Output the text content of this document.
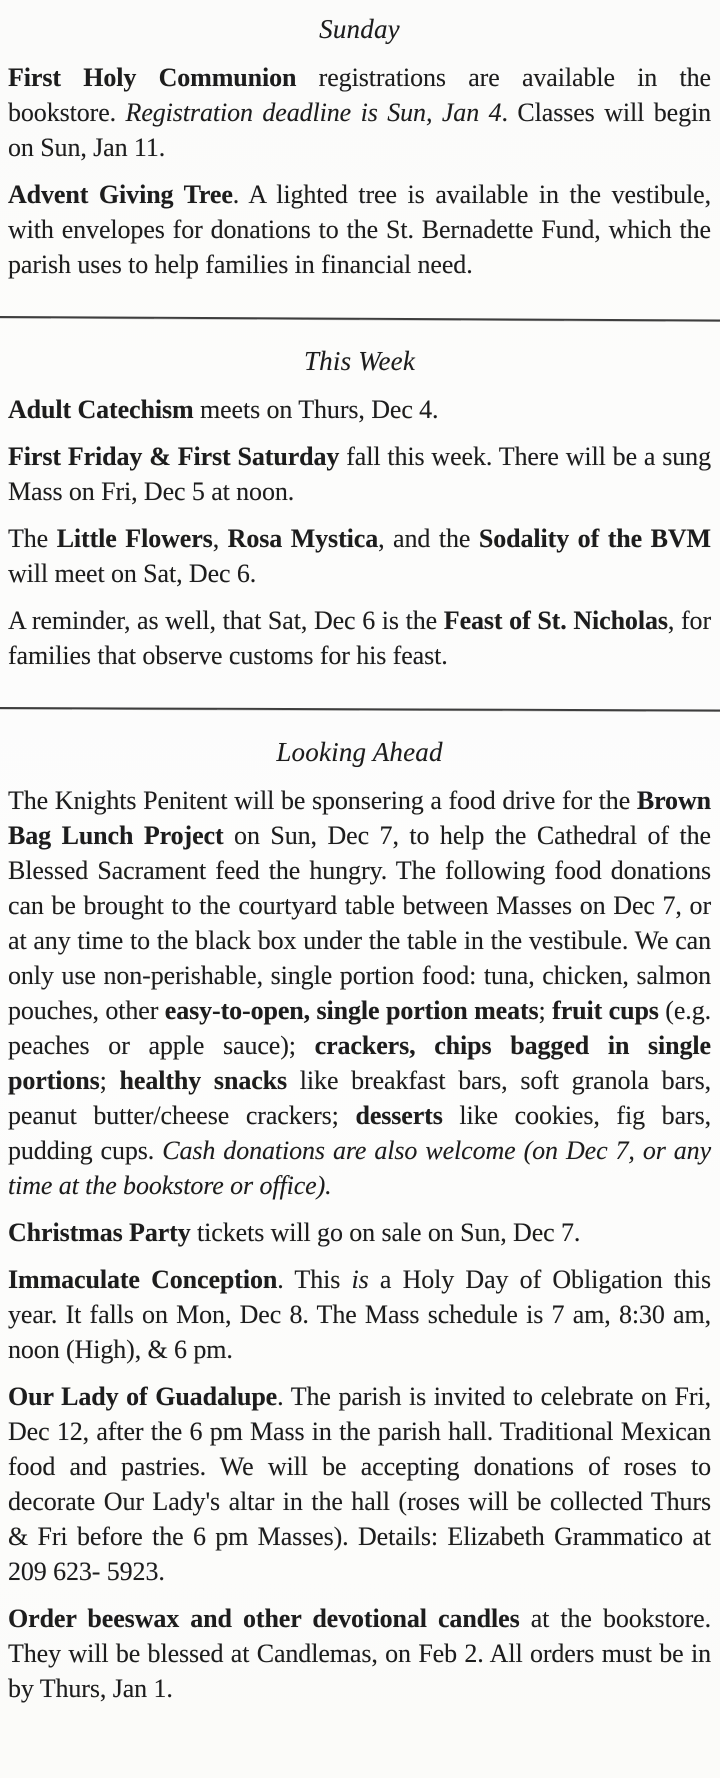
Sunday

First Holy Communion registrations are available in the bookstore. Registration deadline is Sun, Jan 4. Classes will begin on Sun, Jan 11.

Advent Giving Tree. A lighted tree is available in the vestibule, with envelopes for donations to the St. Bernadette Fund, which the parish uses to help families in financial need.

This Week

Adult Catechism meets on Thurs, Dec 4.

First Friday & First Saturday fall this week. There will be a sung Mass on Fri, Dec 5 at noon.

The Little Flowers, Rosa Mystica, and the Sodality of the BVM will meet on Sat, Dec 6.

A reminder, as well, that Sat, Dec 6 is the Feast of St. Nicholas, for families that observe customs for his feast.

Looking Ahead

The Knights Penitent will be sponsering a food drive for the Brown Bag Lunch Project on Sun, Dec 7, to help the Cathedral of the Blessed Sacrament feed the hungry. The following food donations can be brought to the courtyard table between Masses on Dec 7, or at any time to the black box under the table in the vestibule. We can only use non-perishable, single portion food: tuna, chicken, salmon pouches, other easy-to-open, single portion meats; fruit cups (e.g. peaches or apple sauce); crackers, chips bagged in single portions; healthy snacks like breakfast bars, soft granola bars, peanut butter/cheese crackers; desserts like cookies, fig bars, pudding cups. Cash donations are also welcome (on Dec 7, or any time at the bookstore or office).

Christmas Party tickets will go on sale on Sun, Dec 7.

Immaculate Conception. This is a Holy Day of Obligation this year. It falls on Mon, Dec 8. The Mass schedule is 7 am, 8:30 am, noon (High), & 6 pm.

Our Lady of Guadalupe. The parish is invited to celebrate on Fri, Dec 12, after the 6 pm Mass in the parish hall. Traditional Mexican food and pastries. We will be accepting donations of roses to decorate Our Lady's altar in the hall (roses will be collected Thurs & Fri before the 6 pm Masses). Details: Elizabeth Grammatico at 209 623- 5923.

Order beeswax and other devotional candles at the bookstore. They will be blessed at Candlemas, on Feb 2. All orders must be in by Thurs, Jan 1.
